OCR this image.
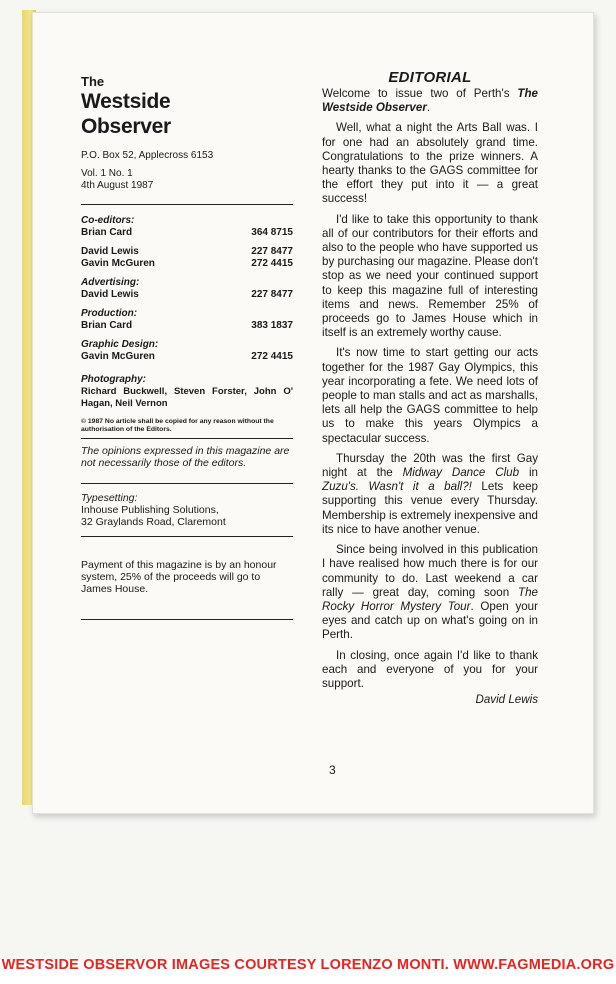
The
Westside
Observer
P.O. Box 52, Applecross 6153
Vol. 1 No. 1
4th August 1987
Co-editors:
Brian Card	364 8715
David Lewis	227 8477
Gavin McGuren	272 4415
Advertising:
David Lewis	227 8477
Production:
Brian Card	383 1837
Graphic Design:
Gavin McGuren	272 4415
Photography:
Richard Buckwell, Steven Forster, John O' Hagan, Neil Vernon
© 1987 No article shall be copied for any reason without the authorisation of the Editors.
The opinions expressed in this magazine are not necessarily those of the editors.
Typesetting:
Inhouse Publishing Solutions,
32 Graylands Road, Claremont
Payment of this magazine is by an honour system, 25% of the proceeds will go to James House.
EDITORIAL

Welcome to issue two of Perth's The Westside Observer.

Well, what a night the Arts Ball was. I for one had an absolutely grand time. Congratulations to the prize winners. A hearty thanks to the GAGS committee for the effort they put into it — a great success!

I'd like to take this opportunity to thank all of our contributors for their efforts and also to the people who have supported us by purchasing our magazine. Please don't stop as we need your continued support to keep this magazine full of interesting items and news. Remember 25% of proceeds go to James House which in itself is an extremely worthy cause.

It's now time to start getting our acts together for the 1987 Gay Olympics, this year incorporating a fete. We need lots of people to man stalls and act as marshalls, lets all help the GAGS committee to help us to make this years Olympics a spectacular success.

Thursday the 20th was the first Gay night at the Midway Dance Club in Zuzu's. Wasn't it a ball?! Lets keep supporting this venue every Thursday. Membership is extremely inexpensive and its nice to have another venue.

Since being involved in this publication I have realised how much there is for our community to do. Last weekend a car rally — great day, coming soon The Rocky Horror Mystery Tour. Open your eyes and catch up on what's going on in Perth.

In closing, once again I'd like to thank each and everyone of you for your support.

David Lewis
3
WESTSIDE OBSERVOR IMAGES COURTESY LORENZO MONTI. WWW.FAGMEDIA.ORG
